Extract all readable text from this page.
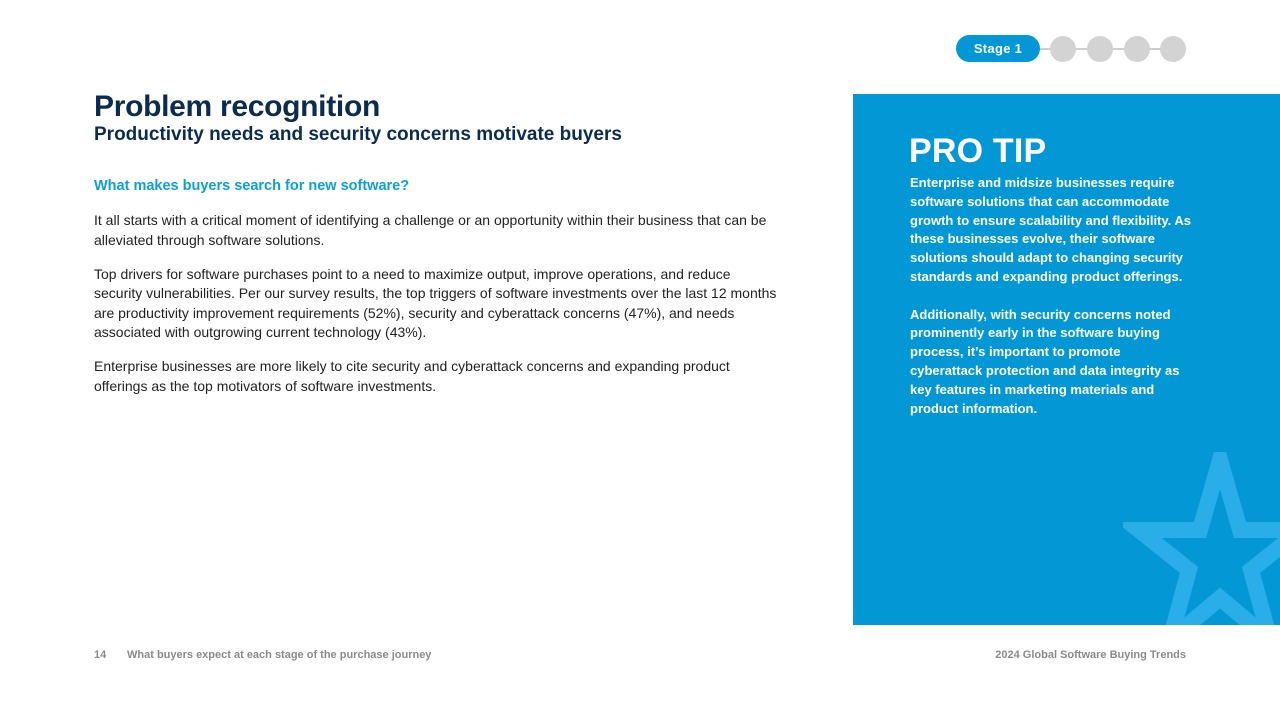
Stage 1
Problem recognition
Productivity needs and security concerns motivate buyers
What makes buyers search for new software?

It all starts with a critical moment of identifying a challenge or an opportunity within their business that can be alleviated through software solutions.

Top drivers for software purchases point to a need to maximize output, improve operations, and reduce security vulnerabilities. Per our survey results, the top triggers of software investments over the last 12 months are productivity improvement requirements (52%), security and cyberattack concerns (47%), and needs associated with outgrowing current technology (43%).

Enterprise businesses are more likely to cite security and cyberattack concerns and expanding product offerings as the top motivators of software investments.

PRO TIP

Enterprise and midsize businesses require software solutions that can accommodate growth to ensure scalability and flexibility. As these businesses evolve, their software solutions should adapt to changing security standards and expanding product offerings.

Additionally, with security concerns noted prominently early in the software buying process, it’s important to promote cyberattack protection and data integrity as key features in marketing materials and product information.

14 What buyers expect at each stage of the purchase journey	2024 Global Software Buying Trends
